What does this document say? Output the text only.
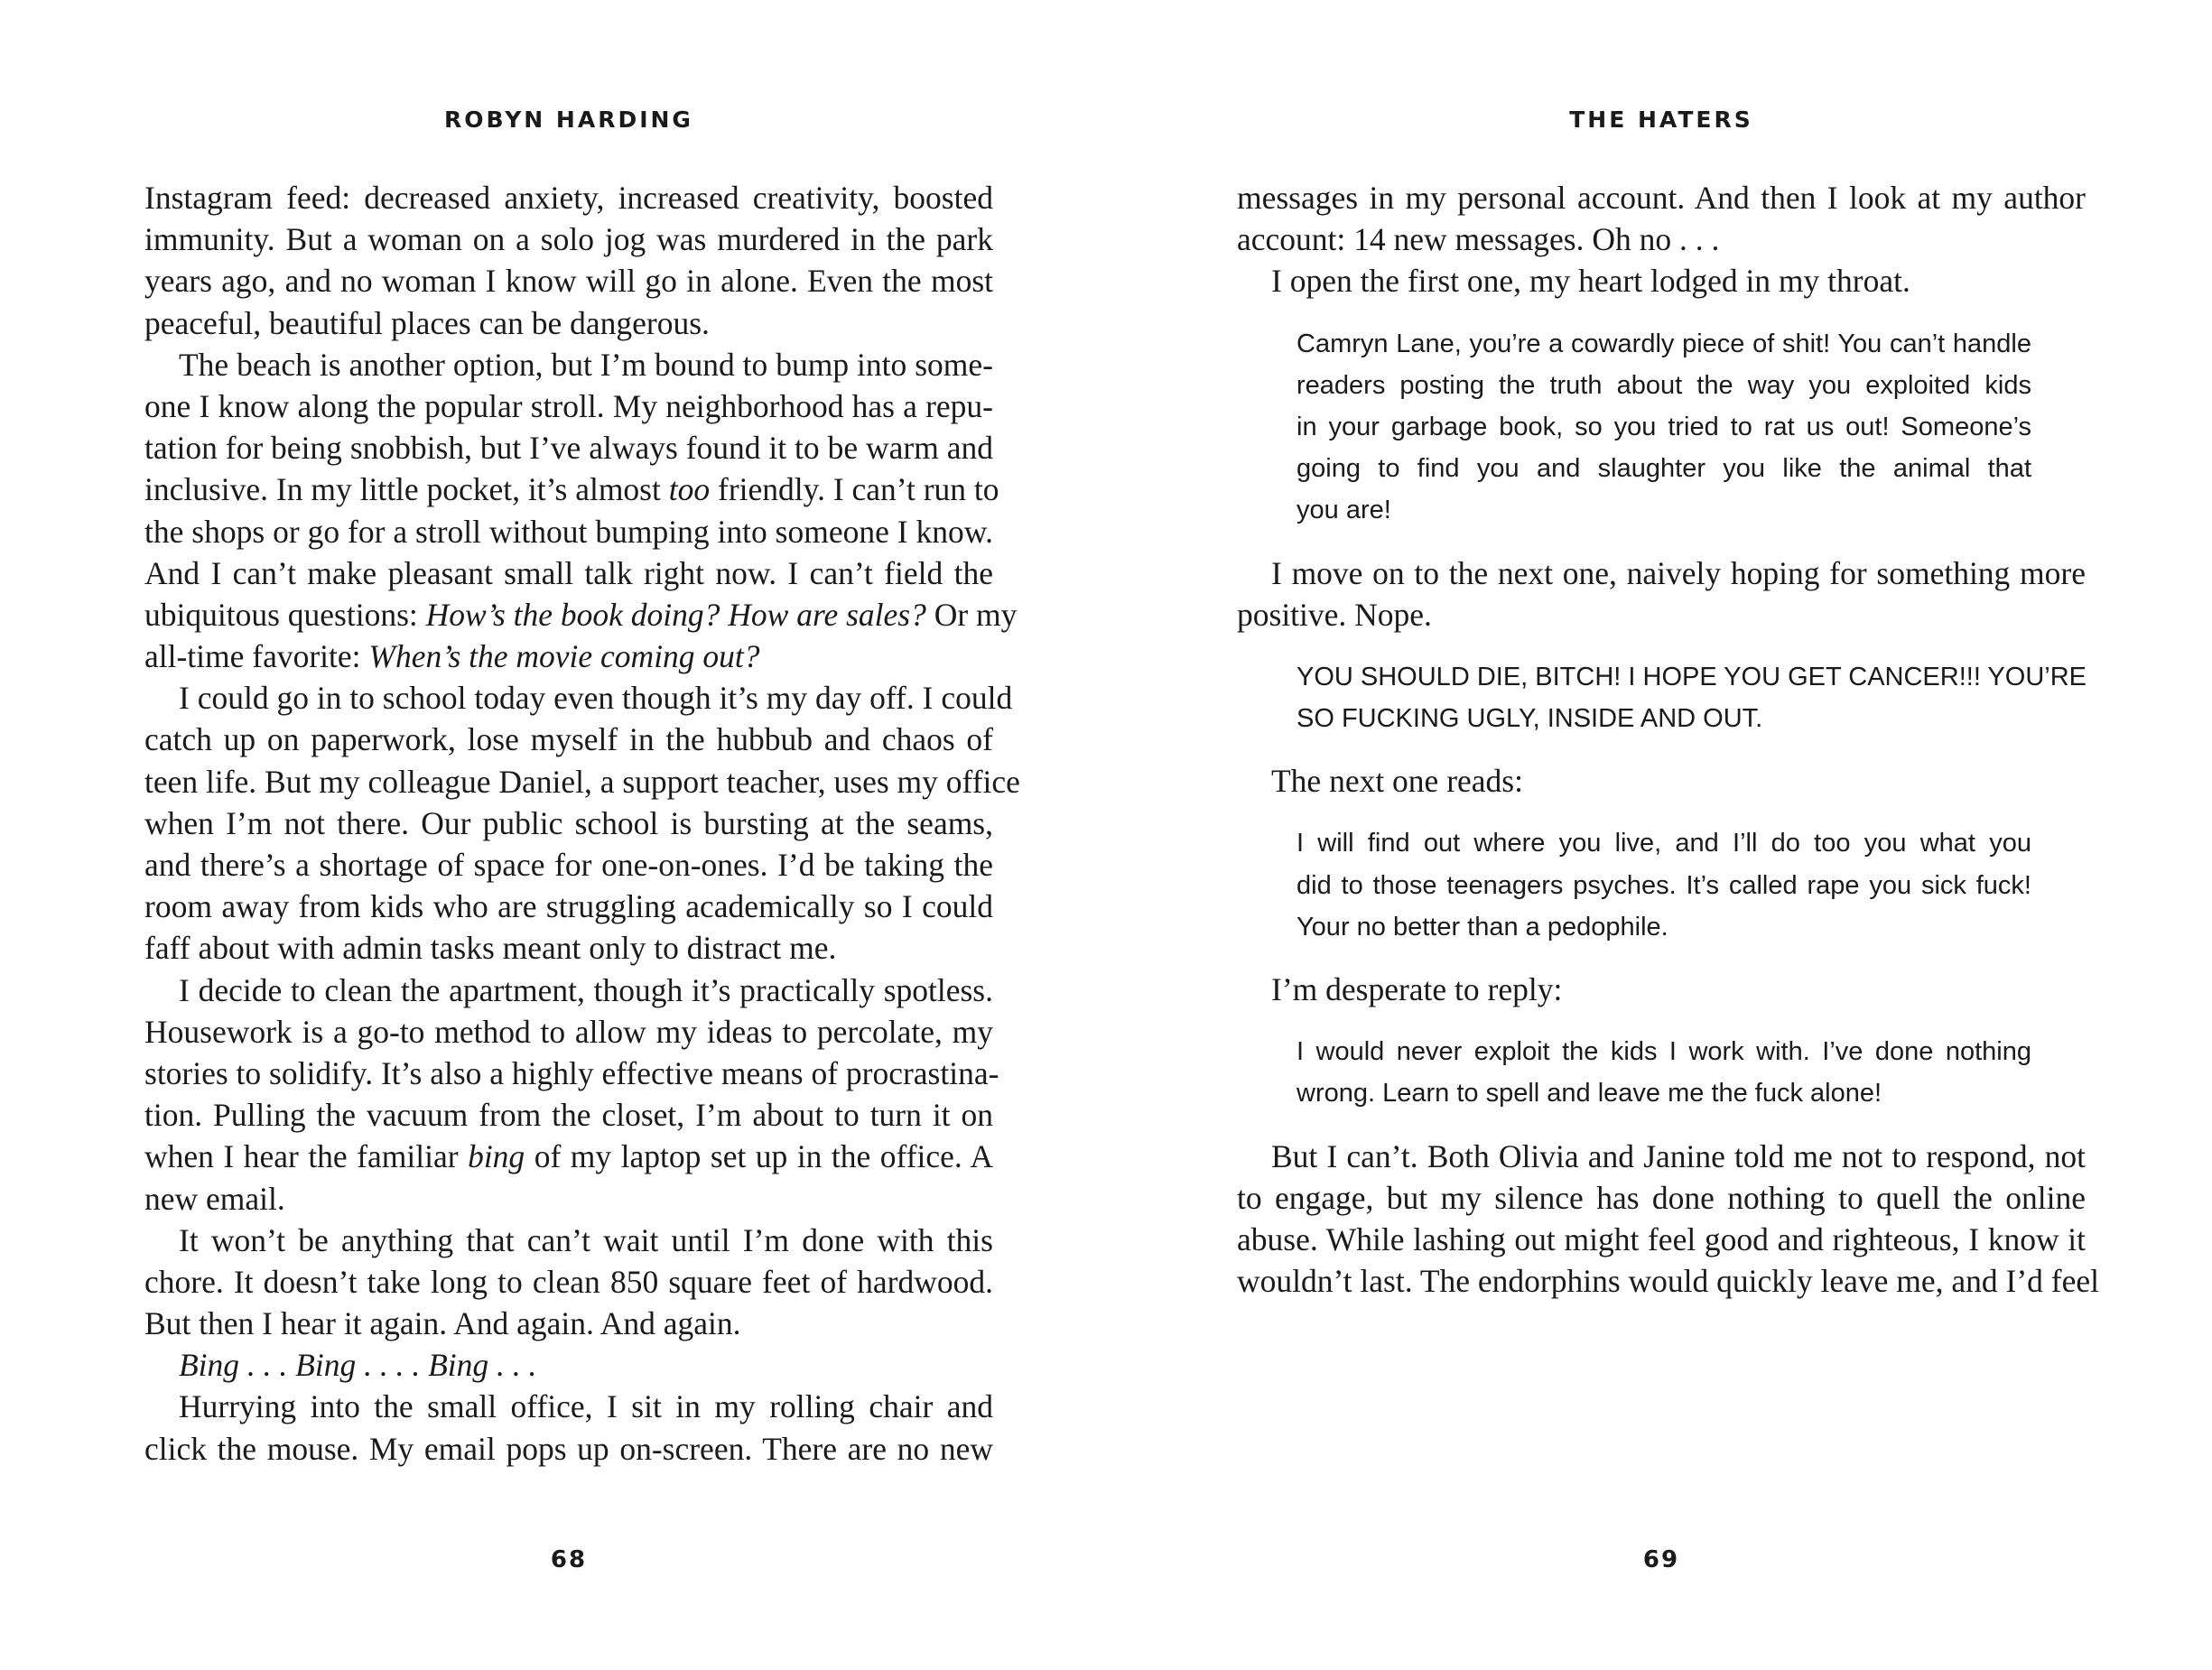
ROBYN HARDING
Instagram feed: decreased anxiety, increased creativity, boosted
immunity. But a woman on a solo jog was murdered in the park
years ago, and no woman I know will go in alone. Even the most
peaceful, beautiful places can be dangerous.
The beach is another option, but I’m bound to bump into some-
one I know along the popular stroll. My neighborhood has a repu-
tation for being snobbish, but I’ve always found it to be warm and
inclusive. In my little pocket, it’s almost too friendly. I can’t run to
the shops or go for a stroll without bumping into someone I know.
And I can’t make pleasant small talk right now. I can’t field the
ubiquitous questions: How’s the book doing? How are sales? Or my
all-time favorite: When’s the movie coming out?
I could go in to school today even though it’s my day off. I could
catch up on paperwork, lose myself in the hubbub and chaos of
teen life. But my colleague Daniel, a support teacher, uses my office
when I’m not there. Our public school is bursting at the seams,
and there’s a shortage of space for one-on-ones. I’d be taking the
room away from kids who are struggling academically so I could
faff about with admin tasks meant only to distract me.
I decide to clean the apartment, though it’s practically spotless.
Housework is a go-to method to allow my ideas to percolate, my
stories to solidify. It’s also a highly effective means of procrastina-
tion. Pulling the vacuum from the closet, I’m about to turn it on
when I hear the familiar bing of my laptop set up in the office. A
new email.
It won’t be anything that can’t wait until I’m done with this
chore. It doesn’t take long to clean 850 square feet of hardwood.
But then I hear it again. And again. And again.
Bing . . . Bing . . . . Bing . . .
Hurrying into the small office, I sit in my rolling chair and
click the mouse. My email pops up on-screen. There are no new
68
THE HATERS
messages in my personal account. And then I look at my author
account: 14 new messages. Oh no . . .
I open the first one, my heart lodged in my throat.
Camryn Lane, you’re a cowardly piece of shit! You can’t handle
readers posting the truth about the way you exploited kids
in your garbage book, so you tried to rat us out! Someone’s
going to find you and slaughter you like the animal that
you are!
I move on to the next one, naively hoping for something more
positive. Nope.
YOU SHOULD DIE, BITCH! I HOPE YOU GET CANCER!!! YOU’RE
SO FUCKING UGLY, INSIDE AND OUT.
The next one reads:
I will find out where you live, and I’ll do too you what you
did to those teenagers psyches. It’s called rape you sick fuck!
Your no better than a pedophile.
I’m desperate to reply:
I would never exploit the kids I work with. I’ve done nothing
wrong. Learn to spell and leave me the fuck alone!
But I can’t. Both Olivia and Janine told me not to respond, not
to engage, but my silence has done nothing to quell the online
abuse. While lashing out might feel good and righteous, I know it
wouldn’t last. The endorphins would quickly leave me, and I’d feel
69
